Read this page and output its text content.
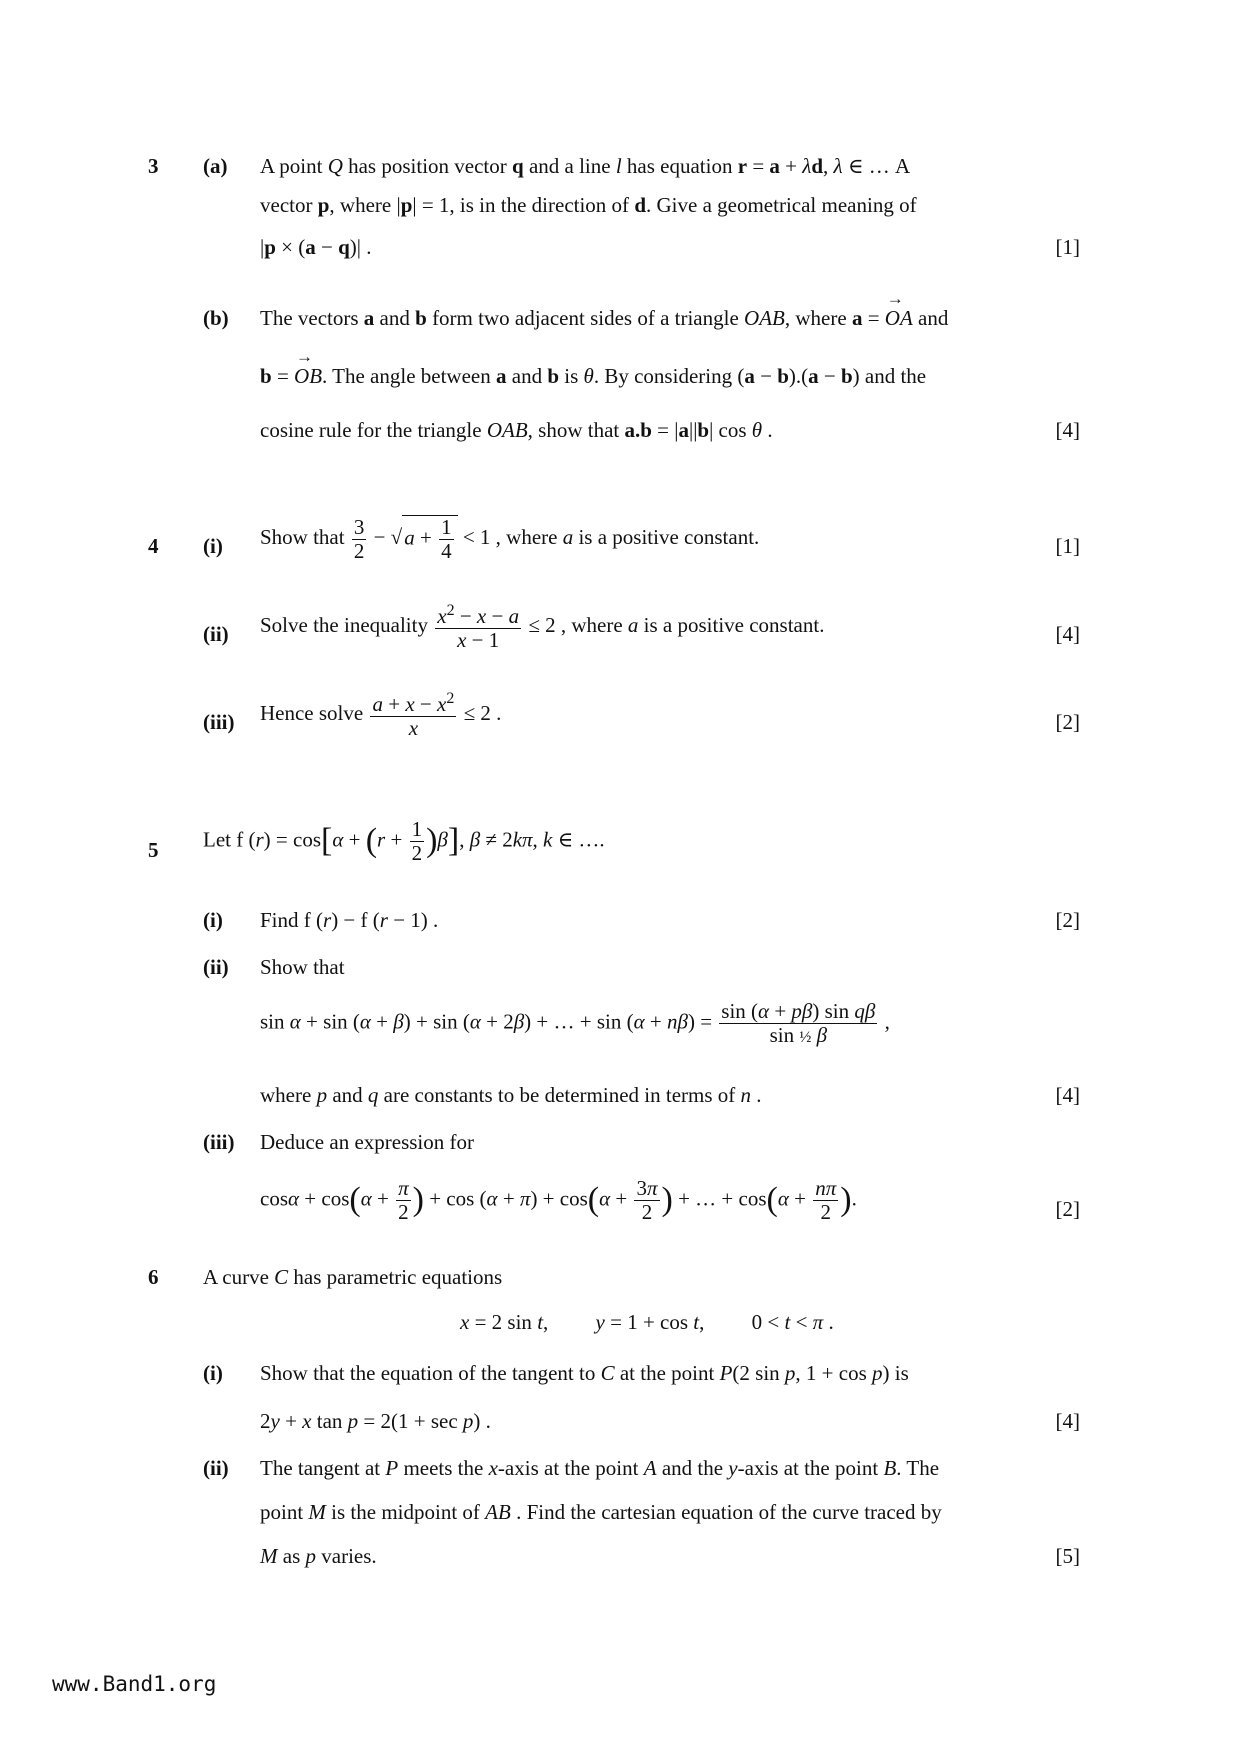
3 (a) A point Q has position vector q and a line l has equation r = a + λd, λ ∈ … A
vector p, where |p| = 1, is in the direction of d. Give a geometrical meaning of
|p × (a − q)| .	[1]
(b) The vectors a and b form two adjacent sides of a triangle OAB, where a = → OA and
b = → OB. The angle between a and b is θ. By considering (a − b).(a − b) and the
cosine rule for the triangle OAB, show that a.b = |a||b| cos θ .	[4]
4 (i) Show that $\frac{3}{2} - √a + \frac{1}{4} < 1$ , where a is a positive constant.	[1]
(ii) Solve the inequality $\frac{x^2 - x - a}{x - 1} \le 2$ , where a is a positive constant.	[4]
(iii) Hence solve $\frac{a + x - x^2}{x} \le 2$ .	[2]
5 Let f $(r) = \cos[\alpha + (r + \frac{1}{2} )\beta]$, β ≠ 2kπ, k ∈ ….
(i) Find f (r) − f (r − 1) .	[2]
(ii) Show that
sin α + sin (α + β) + sin (α + 2β) + … + $\sin (\alpha + n\beta) = \frac{\text{sin (α + pβ) sin qβ}}{\text{sin ½ β}}$ ,
where p and q are constants to be determined in terms of n .	[4]
(iii) Deduce an expression for
$\cos\alpha + \cos(\alpha + \frac{\pi}{2}$ ) + $\cos (\alpha + \pi) + \cos(\alpha + \frac{3\pi}{2}$ ) + … + $\cos(\alpha + \frac{n\pi}{2}$ ).	[2]
6 A curve C has parametric equations
x = 2 sin t,         y = 1 + cos t,         0 < t < π .
(i) Show that the equation of the tangent to C at the point P(2 sin p, 1 + cos p) is
2y + x tan p = 2(1 + sec p) .	[4]
(ii) The tangent at P meets the x-axis at the point A and the y-axis at the point B. The
point M is the midpoint of AB . Find the cartesian equation of the curve traced by
M as p varies.	[5]
www.Band1.org
